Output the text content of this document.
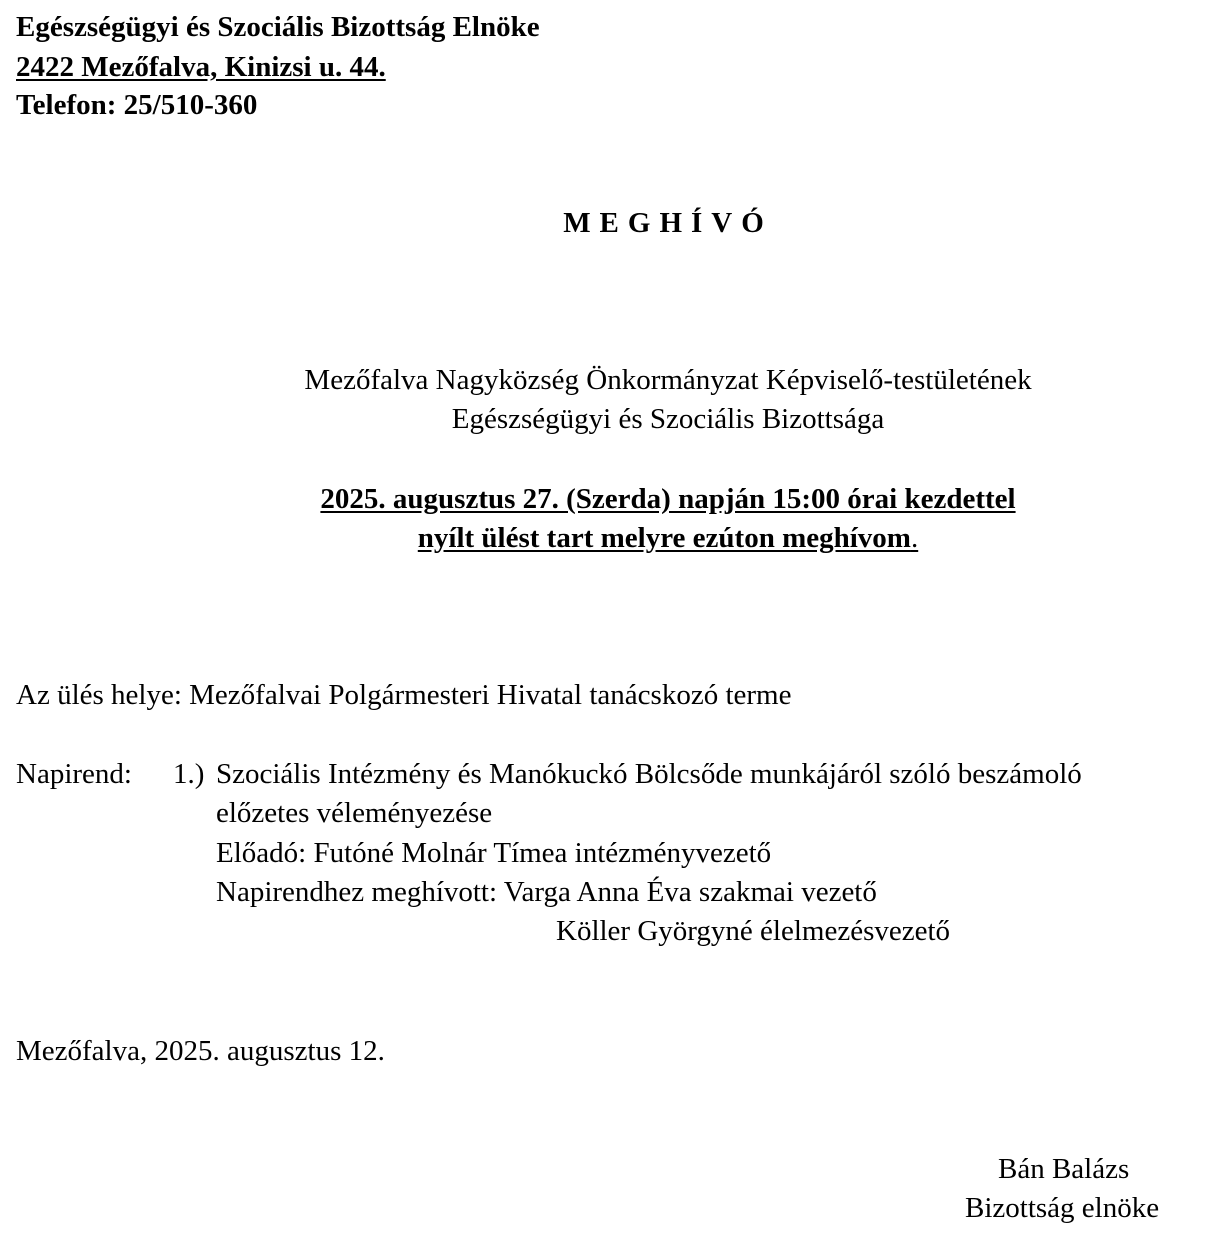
Egészségügyi és Szociális Bizottság Elnöke
2422 Mezőfalva, Kinizsi u. 44.
Telefon: 25/510-360
MEGHÍVÓ
Mezőfalva Nagyközség Önkormányzat Képviselő-testületének
Egészségügyi és Szociális Bizottsága
2025. augusztus 27. (Szerda) napján 15:00 órai kezdettel
nyílt ülést tart melyre ezúton meghívom.
Az ülés helye: Mezőfalvai Polgármesteri Hivatal tanácskozó terme
Napirend: 1.) Szociális Intézmény és Manókuckó Bölcsőde munkájáról szóló beszámoló
előzetes véleményezése
Előadó: Futóné Molnár Tímea intézményvezető
Napirendhez meghívott: Varga Anna Éva szakmai vezető
Köller Györgyné élelmezésvezető
Mezőfalva, 2025. augusztus 12.
Bán Balázs
Bizottság elnöke
